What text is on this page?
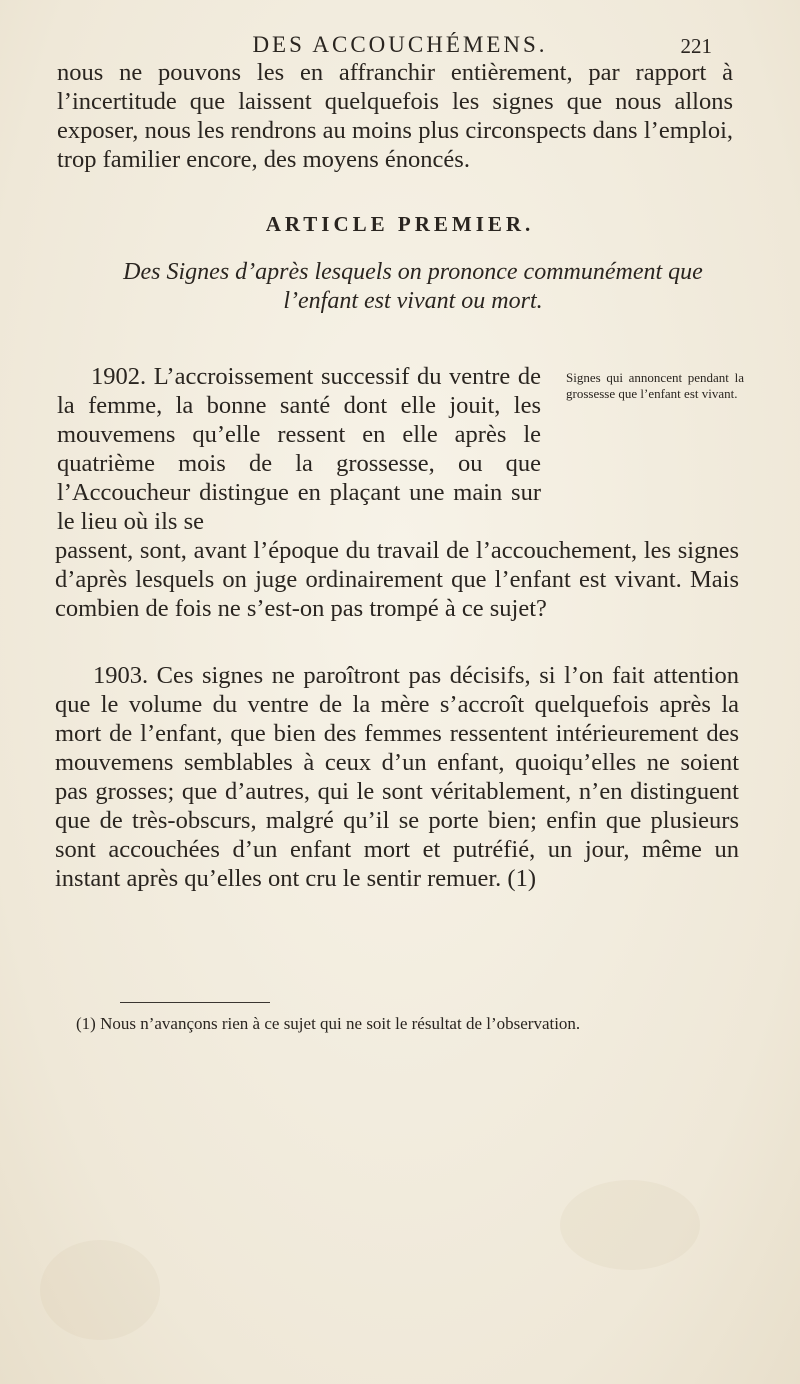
DES ACCOUCHÉMENS.	221

nous ne pouvons les en affranchir entièrement, par rapport à l’incertitude que laissent quelquefois les signes que nous allons exposer, nous les rendrons au moins plus circonspects dans l’emploi, trop familier encore, des moyens énoncés.

ARTICLE PREMIER.

Des Signes d’après lesquels on prononce communément que l’enfant est vivant ou mort.

1902. L’accroissement successif du ventre de la femme, la bonne santé dont elle jouit, les mouvemens qu’elle ressent en elle après le quatrième mois de la grossesse, ou que l’Accoucheur distingue en plaçant une main sur le lieu où ils se

Signes qui annoncent pendant la grossesse que l’enfant est vivant.

passent, sont, avant l’époque du travail de l’accouchement, les signes d’après lesquels on juge ordinairement que l’enfant est vivant. Mais combien de fois ne s’est-on pas trompé à ce sujet?

1903. Ces signes ne paroîtront pas décisifs, si l’on fait attention que le volume du ventre de la mère s’accroît quelquefois après la mort de l’enfant, que bien des femmes ressentent intérieurement des mouvemens semblables à ceux d’un enfant, quoiqu’elles ne soient pas grosses; que d’autres, qui le sont véritablement, n’en distinguent que de très-obscurs, malgré qu’il se porte bien; enfin que plusieurs sont accouchées d’un enfant mort et putréfié, un jour, même un instant après qu’elles ont cru le sentir remuer. (1)

(1) Nous n’avançons rien à ce sujet qui ne soit le résultat de l’observation.
